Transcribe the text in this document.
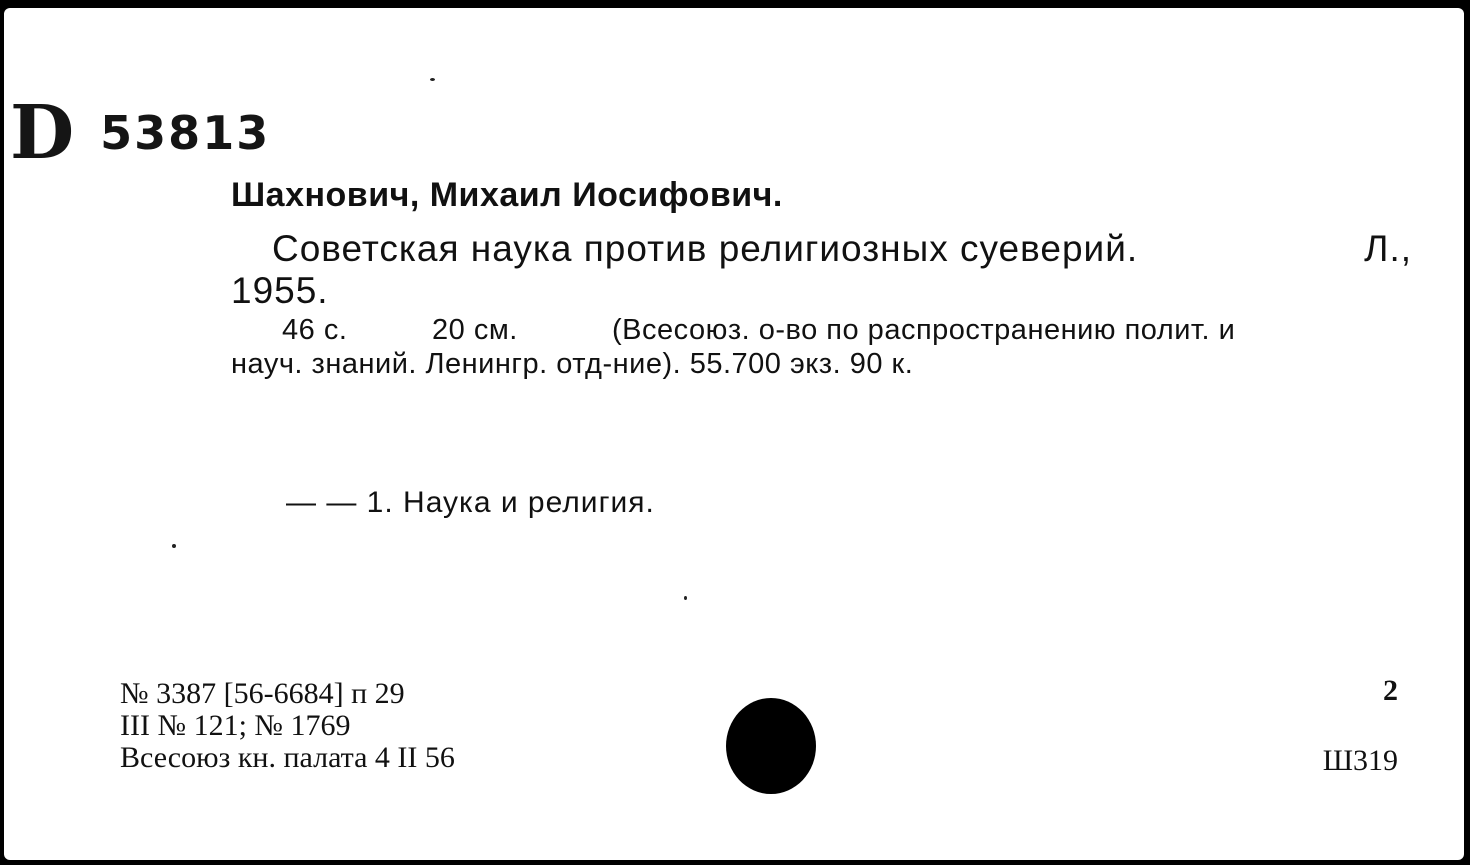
D 53813
Шахнович, Михаил Иосифович.
Советская наука против религиозных суеверий.	Л.,
1955.
46 с.	20 см.	(Всесоюз. о-во по распространению полит. и
науч. знаний. Ленингр. отд-ние). 55.700 экз. 90 к.
— — 1. Наука и религия.
№ 3387 [56-6684] п 29
III № 121; № 1769
Всесоюз кн. палата 4 II 56
2
Ш319
